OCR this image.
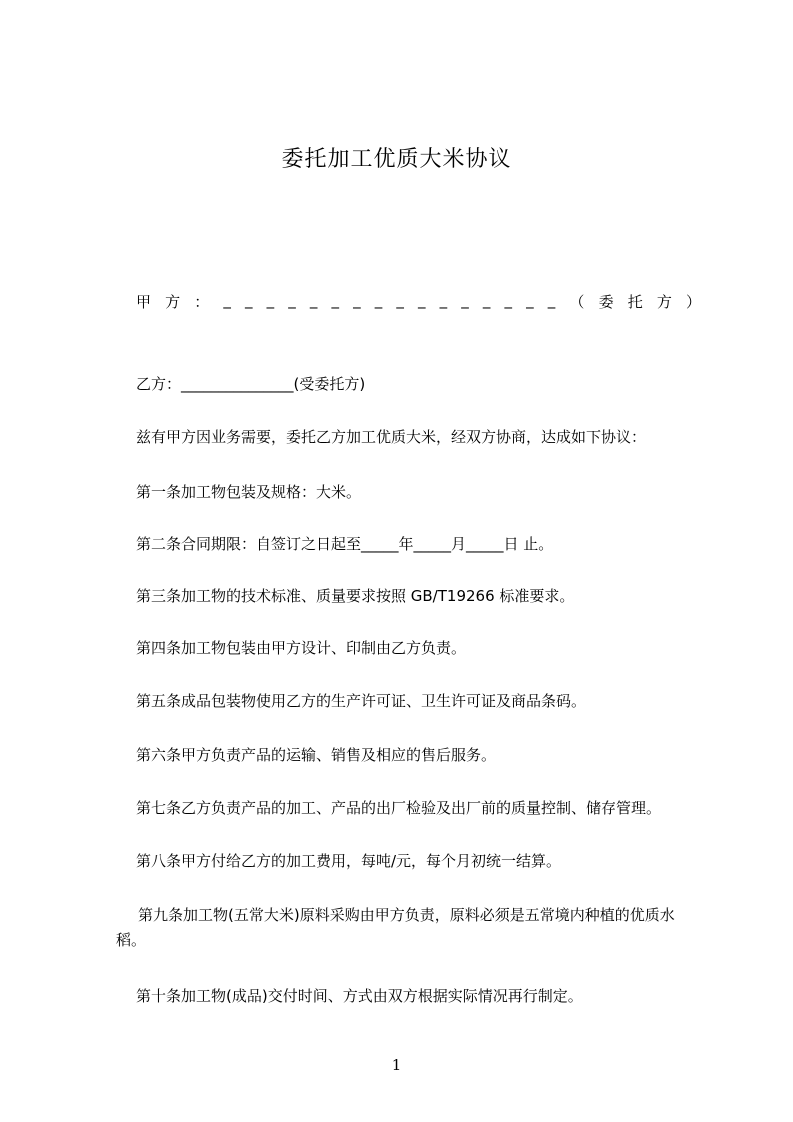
委托加工优质大米协议
甲 方 ： _ _ _ _ _ _ _ _ _ _ _ _ _ _ _ _ （ 委 托 方 ）
乙方：_______________(受委托方)
兹有甲方因业务需要，委托乙方加工优质大米，经双方协商，达成如下协议：
第一条加工物包装及规格：大米。
第二条合同期限：自签订之日起至_____年_____月_____日 止。
第三条加工物的技术标准、质量要求按照 GB/T19266 标准要求。
第四条加工物包装由甲方设计、印制由乙方负责。
第五条成品包装物使用乙方的生产许可证、卫生许可证及商品条码。
第六条甲方负责产品的运输、销售及相应的售后服务。
第七条乙方负责产品的加工、产品的出厂检验及出厂前的质量控制、储存管理。
第八条甲方付给乙方的加工费用，每吨/元，每个月初统一结算。
第九条加工物(五常大米)原料采购由甲方负责，原料必须是五常境内种植的优质水稻。
第十条加工物(成品)交付时间、方式由双方根据实际情况再行制定。
1
